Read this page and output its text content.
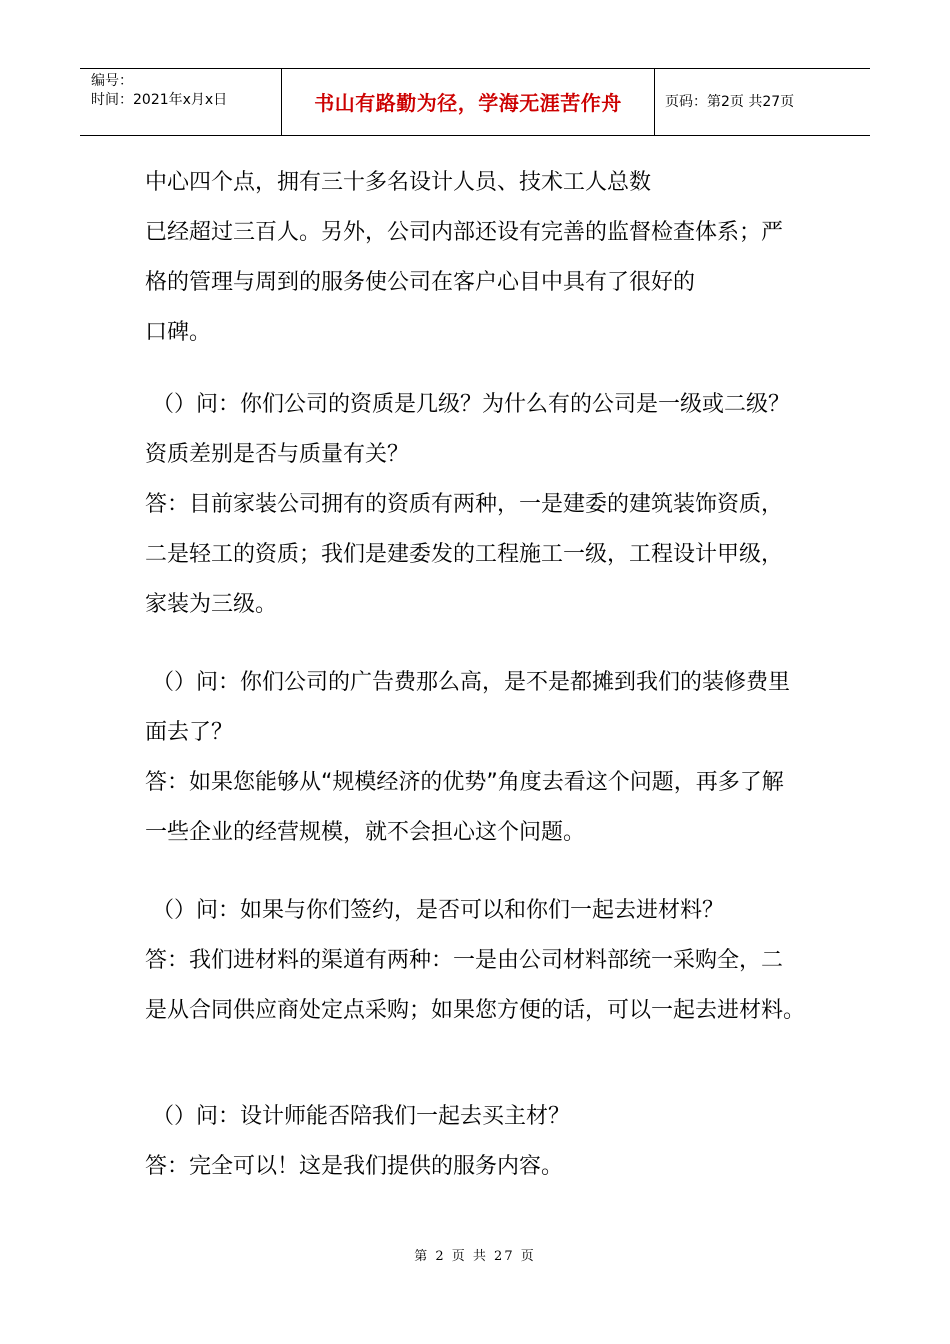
编号：
时间：2021年x月x日	书山有路勤为径，学海无涯苦作舟	页码：第2页 共27页
中心四个点，拥有三十多名设计人员、技术工人总数
已经超过三百人。另外，公司内部还设有完善的监督检查体系；严
格的管理与周到的服务使公司在客户心目中具有了很好的
口碑。
（）问：你们公司的资质是几级？为什么有的公司是一级或二级？
资质差别是否与质量有关？
答：目前家装公司拥有的资质有两种，一是建委的建筑装饰资质，
二是轻工的资质；我们是建委发的工程施工一级，工程设计甲级，
家装为三级。
（）问：你们公司的广告费那么高，是不是都摊到我们的装修费里
面去了？
答：如果您能够从“规模经济的优势”角度去看这个问题，再多了解
一些企业的经营规模，就不会担心这个问题。
（）问：如果与你们签约，是否可以和你们一起去进材料？
答：我们进材料的渠道有两种：一是由公司材料部统一采购全，二
是从合同供应商处定点采购；如果您方便的话，可以一起去进材料。
（）问：设计师能否陪我们一起去买主材？
答：完全可以！这是我们提供的服务内容。
第 2 页 共 27 页
